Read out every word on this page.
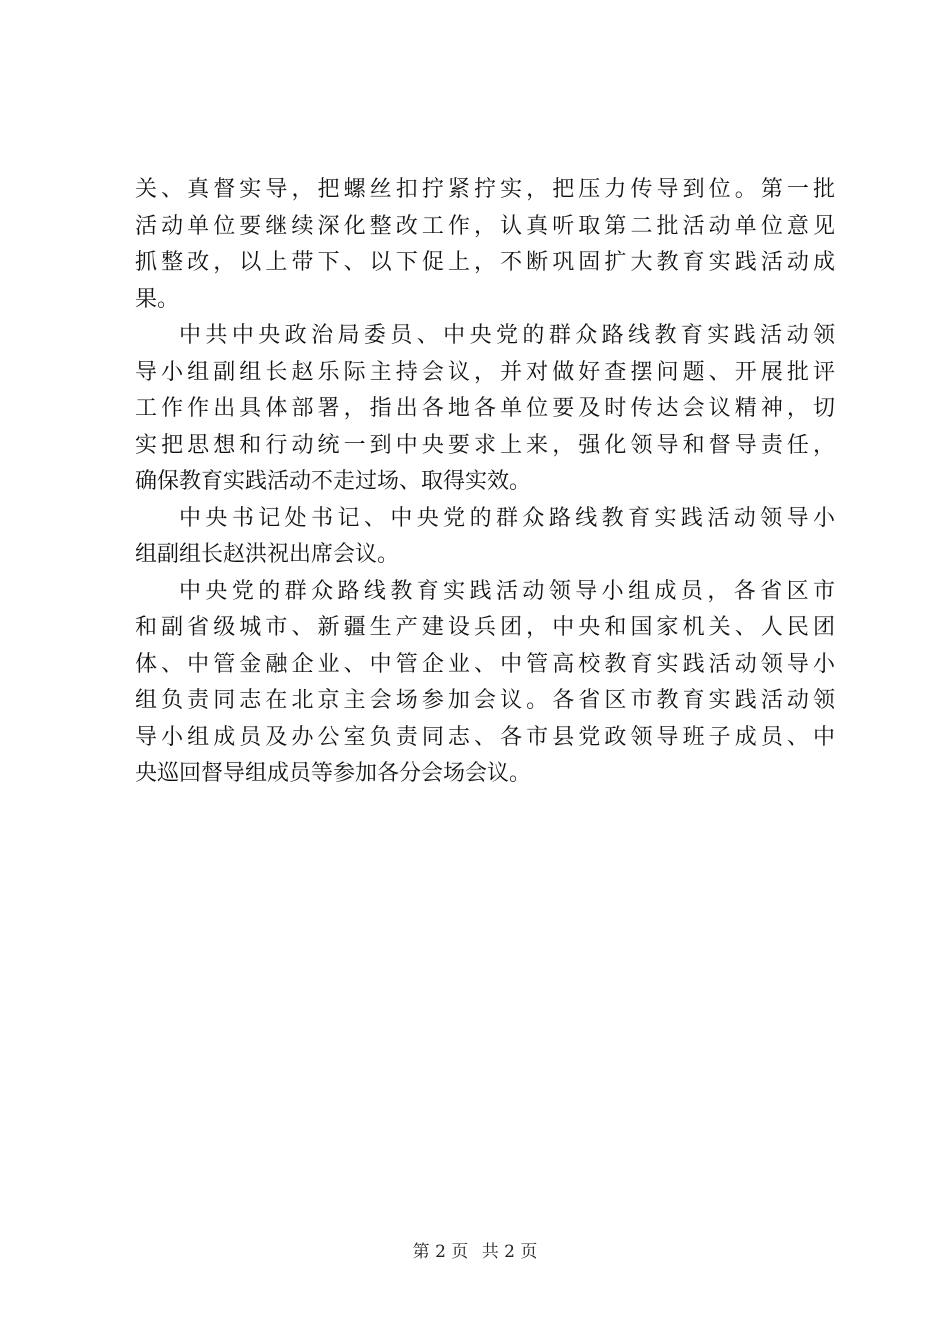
关、真督实导，把螺丝扣拧紧拧实，把压力传导到位。第一批
活动单位要继续深化整改工作，认真听取第二批活动单位意见
抓整改，以上带下、以下促上，不断巩固扩大教育实践活动成
果。
中共中央政治局委员、中央党的群众路线教育实践活动领
导小组副组长赵乐际主持会议，并对做好查摆问题、开展批评
工作作出具体部署，指出各地各单位要及时传达会议精神，切
实把思想和行动统一到中央要求上来，强化领导和督导责任，
确保教育实践活动不走过场、取得实效。
中央书记处书记、中央党的群众路线教育实践活动领导小
组副组长赵洪祝出席会议。
中央党的群众路线教育实践活动领导小组成员，各省区市
和副省级城市、新疆生产建设兵团，中央和国家机关、人民团
体、中管金融企业、中管企业、中管高校教育实践活动领导小
组负责同志在北京主会场参加会议。各省区市教育实践活动领
导小组成员及办公室负责同志、各市县党政领导班子成员、中
央巡回督导组成员等参加各分会场会议。
第 2 页 共 2 页
